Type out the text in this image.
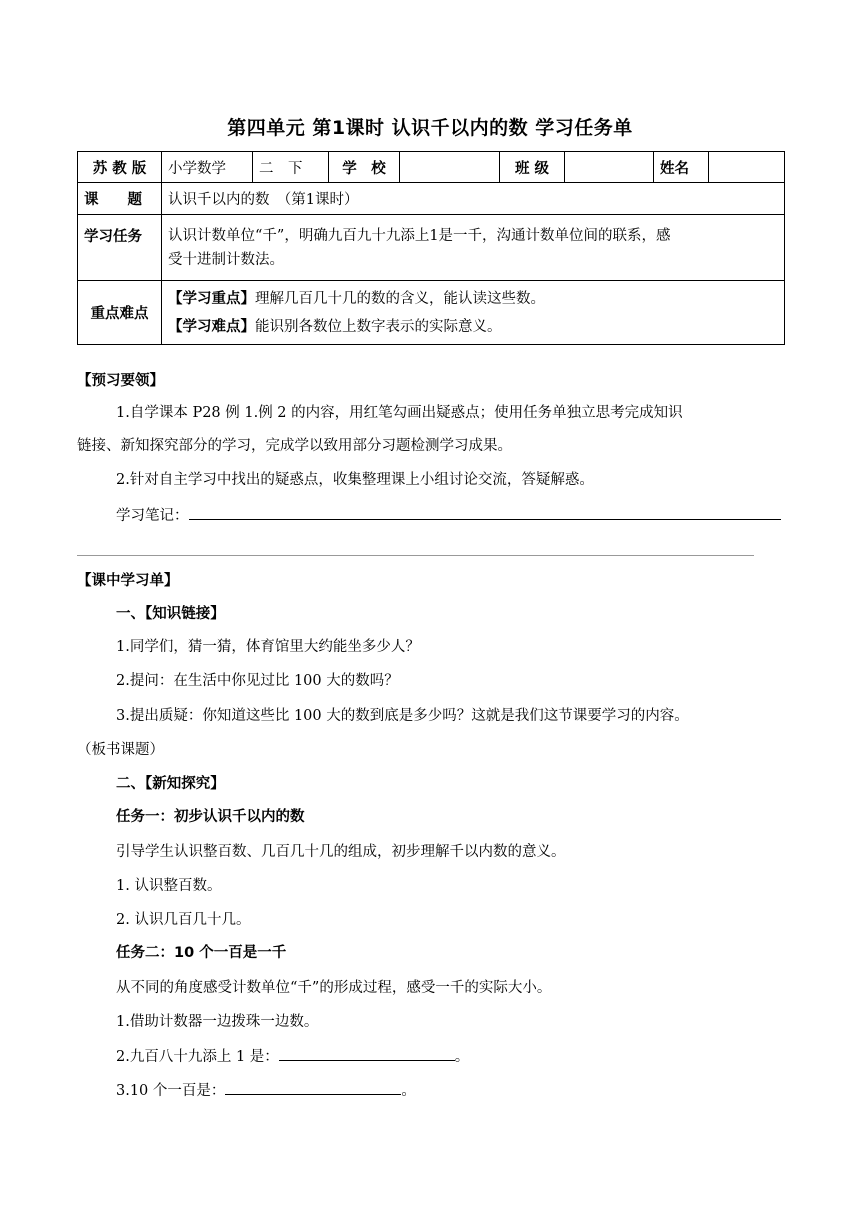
第四单元 第1课时 认识千以内的数 学习任务单
苏 教 版	小学数学	二　下	学　校		班 级		姓名	
课　　题	认识千以内的数　（第1课时）							
学习任务	认识计数单位“千”，明确九百九十九添上1是一千，沟通计数单位间的联系，感
受十进制计数法。							

重点难点	【学习重点】理解几百几十几的数的含义，能认读这些数。
【学习难点】能识别各数位上数字表示的实际意义。							
【预习要领】
1.自学课本 P28 例 1.例 2 的内容，用红笔勾画出疑惑点；使用任务单独立思考完成知识
链接、新知探究部分的学习，完成学以致用部分习题检测学习成果。
2.针对自主学习中找出的疑惑点，收集整理课上小组讨论交流，答疑解惑。
学习笔记：
【课中学习单】
一、【知识链接】
1.同学们，猜一猜，体育馆里大约能坐多少人？
2.提问：在生活中你见过比 100 大的数吗？
3.提出质疑：你知道这些比 100 大的数到底是多少吗？这就是我们这节课要学习的内容。
（板书课题）
二、【新知探究】
任务一：初步认识千以内的数
引导学生认识整百数、几百几十几的组成，初步理解千以内数的意义。
1. 认识整百数。
2. 认识几百几十几。
任务二：10 个一百是一千
从不同的角度感受计数单位“千”的形成过程，感受一千的实际大小。
1.借助计数器一边拨珠一边数。
2.九百八十九添上 1 是：	。
3.10 个一百是：	。
